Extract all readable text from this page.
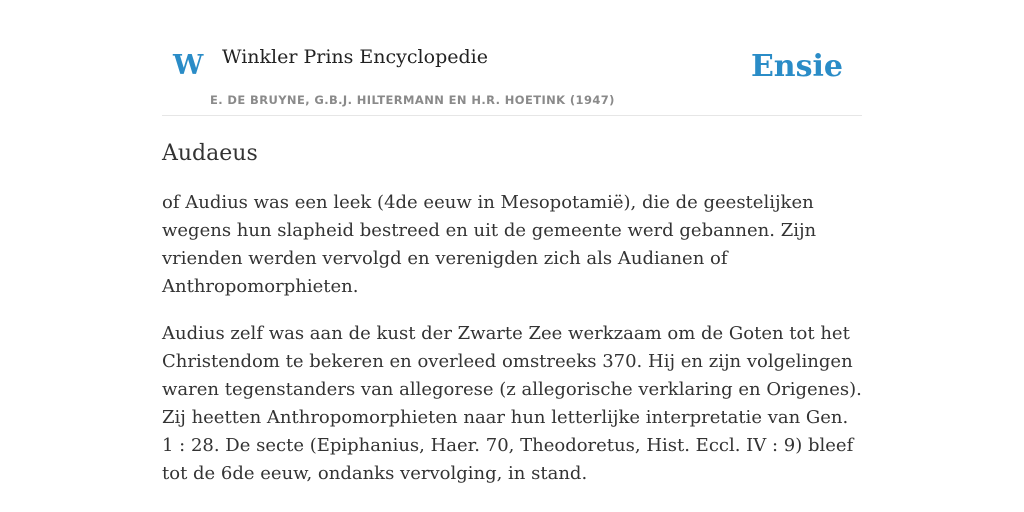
W Winkler Prins Encyclopedie
E. DE BRUYNE, G.B.J. HILTERMANN EN H.R. HOETINK (1947)
Ensie
Audaeus

of Audius was een leek (4de eeuw in Mesopotamië), die de geestelijken wegens hun slapheid bestreed en uit de gemeente werd gebannen. Zijn vrienden werden vervolgd en verenigden zich als Audianen of Anthropomorphieten.

Audius zelf was aan de kust der Zwarte Zee werkzaam om de Goten tot het Christendom te bekeren en overleed omstreeks 370. Hij en zijn volgelingen waren tegenstanders van allegorese (z allegorische verklaring en Origenes). Zij heetten Anthropomorphieten naar hun letterlijke interpretatie van Gen. 1 : 28. De secte (Epiphanius, Haer. 70, Theodoretus, Hist. Eccl. IV : 9) bleef tot de 6de eeuw, ondanks vervolging, in stand.
